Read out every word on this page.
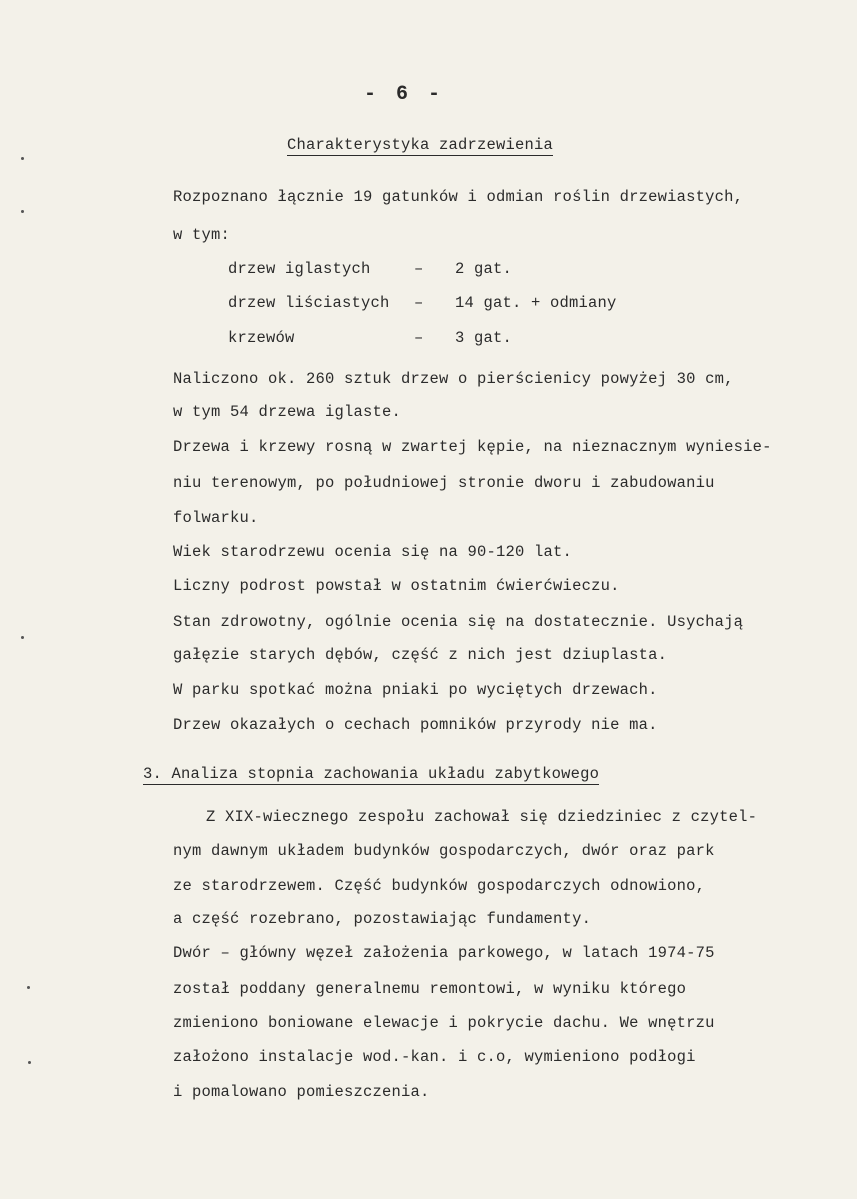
- 6 -
Charakterystyka zadrzewienia
Rozpoznano łącznie 19 gatunków i odmian roślin drzewiastych,
w tym:
drzew iglastych	– 2 gat.
drzew liściastych – 14 gat. + odmiany
krzewów	– 3 gat.
Naliczono ok. 260 sztuk drzew o pierścienicy powyżej 30 cm,
w tym 54 drzewa iglaste.
Drzewa i krzewy rosną w zwartej kępie, na nieznacznym wyniesie-
niu terenowym, po południowej stronie dworu i zabudowaniu
folwarku.
Wiek starodrzewu ocenia się na 90-120 lat.
Liczny podrost powstał w ostatnim ćwierćwieczu.
Stan zdrowotny, ogólnie ocenia się na dostatecznie. Usychają
gałęzie starych dębów, część z nich jest dziuplasta.
W parku spotkać można pniaki po wyciętych drzewach.
Drzew okazałych o cechach pomników przyrody nie ma.
3. Analiza stopnia zachowania układu zabytkowego
Z XIX-wiecznego zespołu zachował się dziedziniec z czytel-
nym dawnym układem budynków gospodarczych, dwór oraz park
ze starodrzewem. Część budynków gospodarczych odnowiono,
a część rozebrano, pozostawiając fundamenty.
Dwór – główny węzeł założenia parkowego, w latach 1974-75
został poddany generalnemu remontowi, w wyniku którego
zmieniono boniowane elewacje i pokrycie dachu. We wnętrzu
założono instalacje wod.-kan. i c.o, wymieniono podłogi
i pomalowano pomieszczenia.
